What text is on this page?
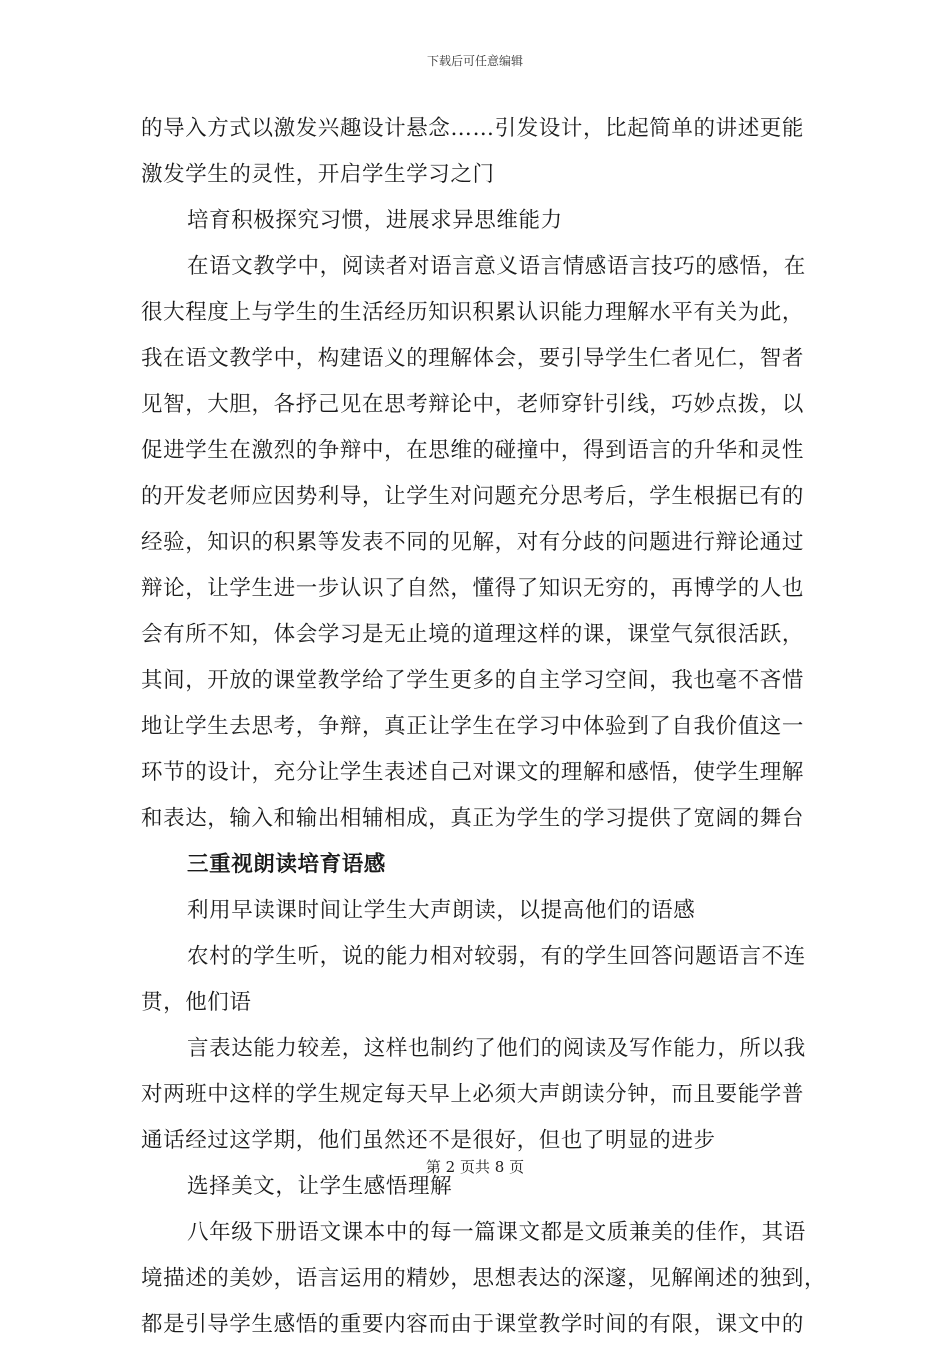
下载后可任意编辑
的导入方式以激发兴趣设计悬念……引发设计，比起简单的讲述更能
激发学生的灵性，开启学生学习之门
培育积极探究习惯，进展求异思维能力
在语文教学中，阅读者对语言意义语言情感语言技巧的感悟，在
很大程度上与学生的生活经历知识积累认识能力理解水平有关为此，
我在语文教学中，构建语义的理解体会，要引导学生仁者见仁，智者
见智，大胆，各抒己见在思考辩论中，老师穿针引线，巧妙点拨，以
促进学生在激烈的争辩中，在思维的碰撞中，得到语言的升华和灵性
的开发老师应因势利导，让学生对问题充分思考后，学生根据已有的
经验，知识的积累等发表不同的见解，对有分歧的问题进行辩论通过
辩论，让学生进一步认识了自然，懂得了知识无穷的，再博学的人也
会有所不知，体会学习是无止境的道理这样的课，课堂气氛很活跃，
其间，开放的课堂教学给了学生更多的自主学习空间，我也毫不吝惜
地让学生去思考，争辩，真正让学生在学习中体验到了自我价值这一
环节的设计，充分让学生表述自己对课文的理解和感悟，使学生理解
和表达，输入和输出相辅相成，真正为学生的学习提供了宽阔的舞台
三重视朗读培育语感
利用早读课时间让学生大声朗读，以提高他们的语感
农村的学生听，说的能力相对较弱，有的学生回答问题语言不连
贯，他们语
言表达能力较差，这样也制约了他们的阅读及写作能力，所以我
对两班中这样的学生规定每天早上必须大声朗读分钟，而且要能学普
通话经过这学期，他们虽然还不是很好，但也了明显的进步
选择美文，让学生感悟理解
八年级下册语文课本中的每一篇课文都是文质兼美的佳作，其语
境描述的美妙，语言运用的精妙，思想表达的深邃，见解阐述的独到，
都是引导学生感悟的重要内容而由于课堂教学时间的有限，课文中的
第 2 页共 8 页
